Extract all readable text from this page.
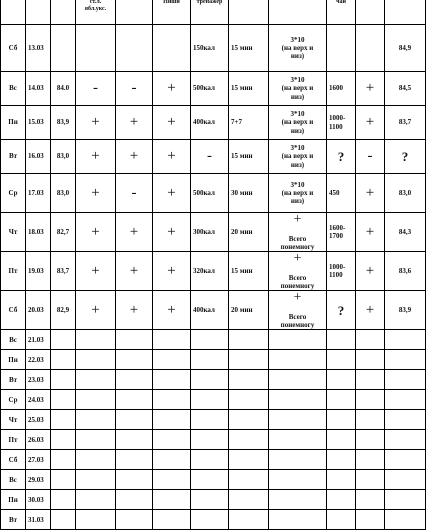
			ст.л.
ябл.укс.		Ниши	тренажер			чай		
Сб	13.03					150кал	15 мин	3*10
(на верх и
низ)			84,9
Вс	14.03	84.0	-	-	+	500кал	15 мин	3*10
(на верх и
низ)	1600	+	84,5
Пн	15.03	83,9	+	+	+	400кал	7+7	3*10
(на верх и
низ)	1000-
1100	+	83,7
Вт	16.03	83,0	+	+	+	-	15 мин	3*10
(на верх и
низ)	?	-	?
Ср	17.03	83,0	+	-	+	500кал	30 мин	3*10
(на верх и
низ)	450	+	83,0
Чт	18.03	82,7	+	+	+	300кал	20 мин	+

Всего
понемногу	1600-
1700	+	84,3
Пт	19.03	83,7	+	+	+	320кал	15 мин	+

Всего
понемногу	1000-
1100	+	83,6
Сб	20.03	82,9	+	+	+	400кал	20 мин	+

Всего
понемногу	?	+	83,9
Вс	21.03										
Пн	22.03										
Вт	23.03										
Ср	24.03										
Чт	25.03										
Пт	26.03										
Сб	27.03										
Вс	29.03										
Пн	30.03										
Вт	31.03										
